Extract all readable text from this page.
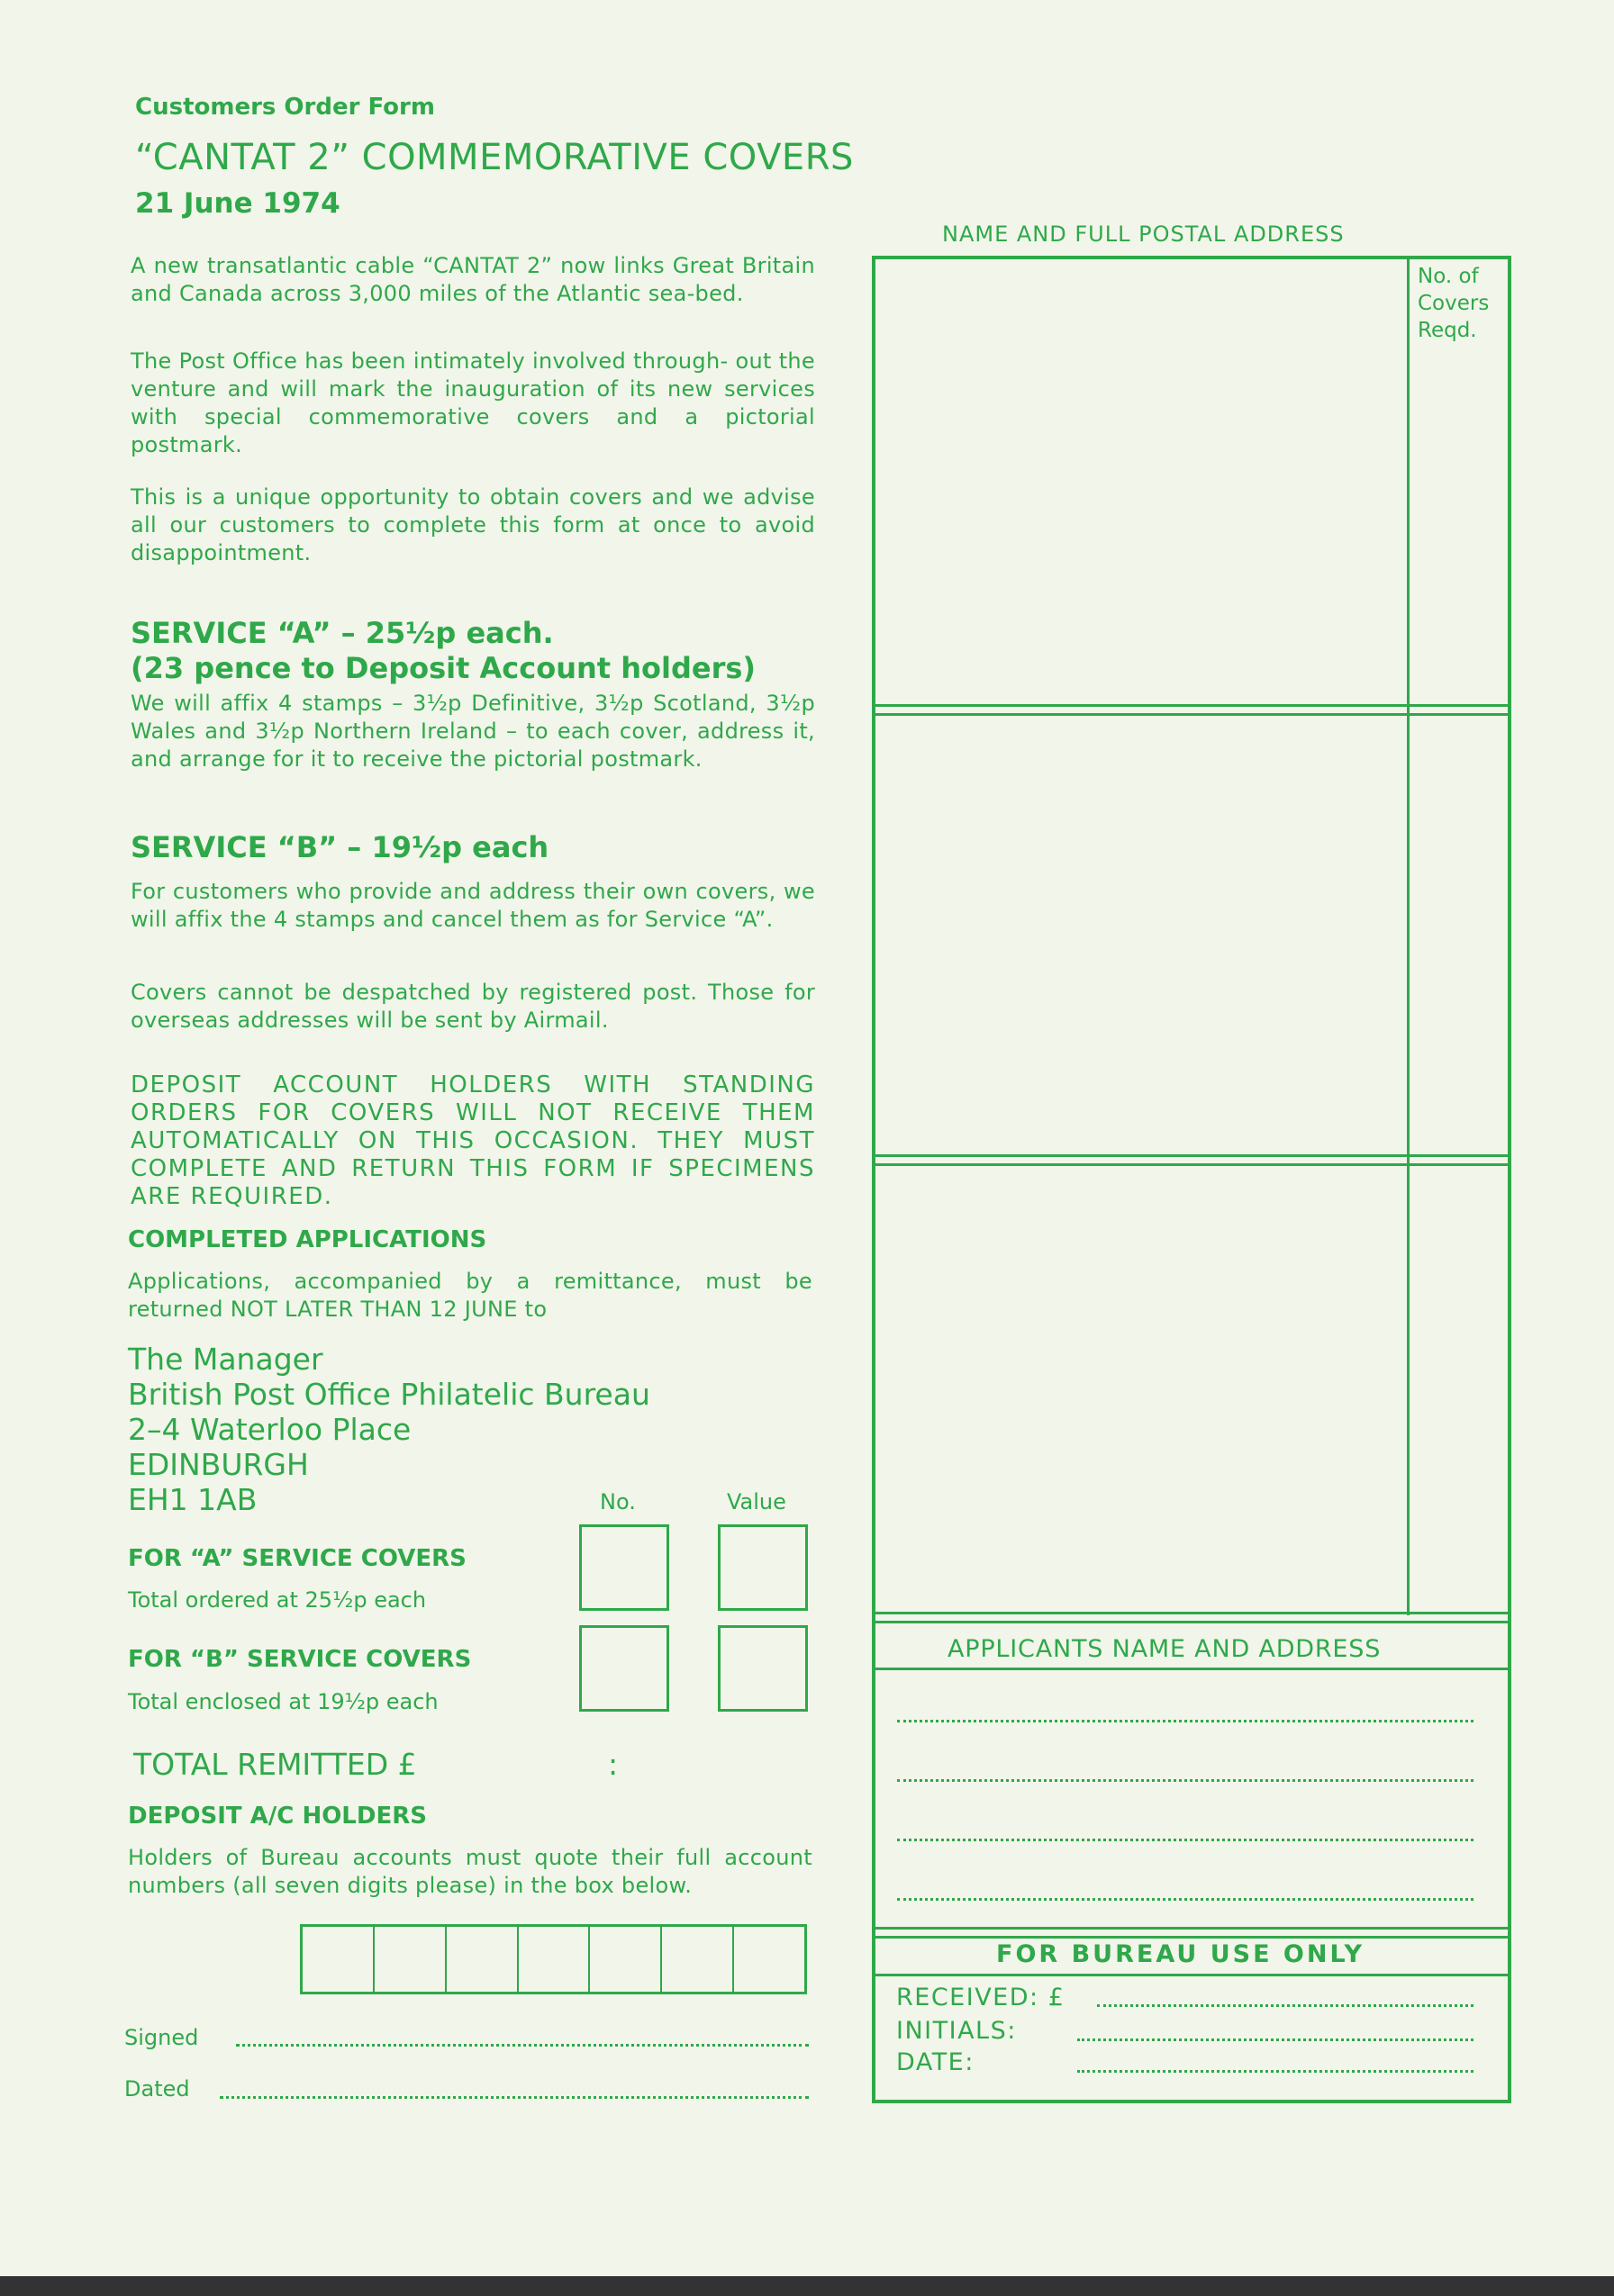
Customers Order Form
“CANTAT 2” COMMEMORATIVE COVERS
21 June 1974

A new transatlantic cable “CANTAT 2” now links Great Britain and Canada across 3,000 miles of the Atlantic sea-bed.

The Post Office has been intimately involved through- out the venture and will mark the inauguration of its new services with special commemorative covers and a pictorial postmark.

This is a unique opportunity to obtain covers and we advise all our customers to complete this form at once to avoid disappointment.

SERVICE “A” – 25½p each.
(23 pence to Deposit Account holders)

We will affix 4 stamps – 3½p Definitive, 3½p Scotland, 3½p Wales and 3½p Northern Ireland – to each cover, address it, and arrange for it to receive the pictorial postmark.

SERVICE “B” – 19½p each

For customers who provide and address their own covers, we will affix the 4 stamps and cancel them as for Service “A”.

Covers cannot be despatched by registered post. Those for overseas addresses will be sent by Airmail.

DEPOSIT ACCOUNT HOLDERS WITH STANDING ORDERS FOR COVERS WILL NOT RECEIVE THEM AUTOMATICALLY ON THIS OCCASION. THEY MUST COMPLETE AND RETURN THIS FORM IF SPECIMENS ARE REQUIRED.

COMPLETED APPLICATIONS

Applications, accompanied by a remittance, must be returned NOT LATER THAN 12 JUNE to

The Manager
British Post Office Philatelic Bureau
2–4 Waterloo Place
EDINBURGH
EH1 1AB	No.	Value
FOR “A” SERVICE COVERS
Total ordered at 25½p each
FOR “B” SERVICE COVERS
Total enclosed at 19½p each
TOTAL REMITTED £	:
DEPOSIT A/C HOLDERS

Holders of Bureau accounts must quote their full account numbers (all seven digits please) in the box below.

Signed
Dated
NAME AND FULL POSTAL ADDRESS
No. of Covers Reqd.
APPLICANTS NAME AND ADDRESS
FOR BUREAU USE ONLY
RECEIVED: £
INITIALS:
DATE:
